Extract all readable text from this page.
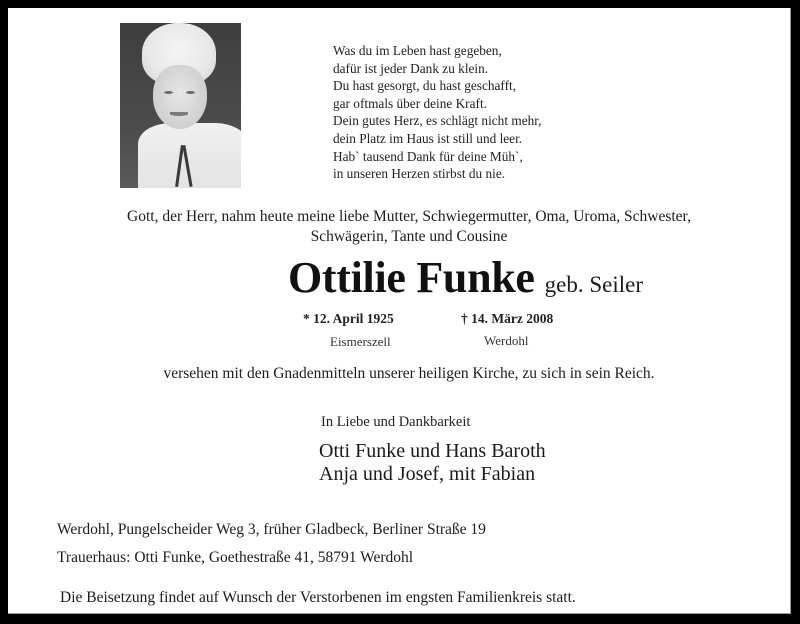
Was du im Leben hast gegeben,
dafür ist jeder Dank zu klein.
Du hast gesorgt, du hast geschafft,
gar oftmals über deine Kraft.
Dein gutes Herz, es schlägt nicht mehr,
dein Platz im Haus ist still und leer.
Hab` tausend Dank für deine Müh`,
in unseren Herzen stirbst du nie.
Gott, der Herr, nahm heute meine liebe Mutter, Schwiegermutter, Oma, Uroma, Schwester,
Schwägerin, Tante und Cousine
Ottilie Funke geb. Seiler
* 12. April 1925
Eismerszell
† 14. März 2008
Werdohl
versehen mit den Gnadenmitteln unserer heiligen Kirche, zu sich in sein Reich.
In Liebe und Dankbarkeit
Otti Funke und Hans Baroth
Anja und Josef, mit Fabian
Werdohl, Pungelscheider Weg 3, früher Gladbeck, Berliner Straße 19
Trauerhaus: Otti Funke, Goethestraße 41, 58791 Werdohl
Die Beisetzung findet auf Wunsch der Verstorbenen im engsten Familienkreis statt.
